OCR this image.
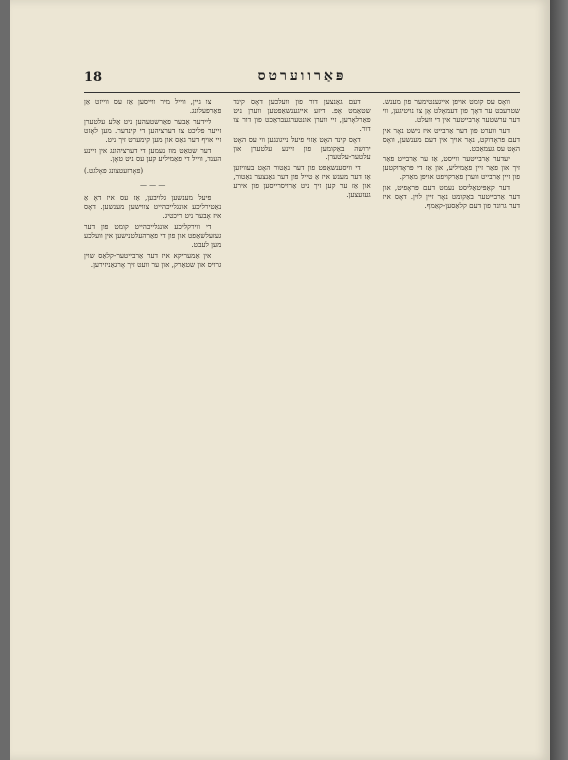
18	פּאַרווערטס

וואָס עס קומט אויפן אייגענטימער פון מענש. שטרעבט ער דאָך פון דעמאָלט אָן צו נויטיגען, ווי דער ערשטער אָרבייטער אין די וועלט.

דער ווערט פון דער אַרבייט איז נישט נאָר אין דעם פּראָדוקט, נאָר אויך אין דעם מענשען, וואָס האָט עס געמאַכט.

יעדער אַרבייטער ווייסט, אַז ער אַרבייט פאַר זיך און פאַר זיין פאַמיליע, און אַז די פּראָדוקטען פון זיין אַרבייט ווערן פאַרקויפט אויפן מאַרק.

דער קאַפּיטאַליסט נעמט דעם פּראָפיט, און דער אַרבייטער באַקומט נאָר זיין לוין. דאָס איז דער גרונד פון דעם קלאַסען-קאַמף.

דעם גאַנצען דור פון וועלכען דאָס קינד שטאַמט אָפּ. דיזע אייגענשאַפטען ווערן ניט פאַרלאָרען, זיי ווערן אונטערגעבראַכט פון דור צו דור.

דאָס קינד האָט אַזוי פיעל נייגונגען ווי עס האָט ירושה באַקומען פון זיינע עלטערן און עלטער-עלטערן.

די וויסענשאַפט פון דער נאַטור האָט בעוויזען אַז דער מענש איז אַ טייל פון דער גאַנצער נאַטור, און אַז ער קען זיך ניט אַרויסרייסען פון אירע געזעצען.

צו גיין, ווייל מיר ווייסען אַז עס ווייזט אַן פאַרפעלונג.

ליידער אַבער פאַרשטעהען ניט אַלע עלטערן זייער פליכט צו דערציהען די קינדער. מען לאָזט זיי אויף דער גאַס און מען קימערט זיך ניט.

דער שטאַט מוז נעמען די דערציהונג אין זיינע הענד, ווייל די פאַמיליע קען עס ניט טאָן.

(פאָרזעטצונג פאָלגט.)
— — —

פיעל מענשען גלויבען, אַז עס איז דאָ אַ נאַטירליכע אונגלייכהייט צווישען מענשען. דאָס איז אָבער ניט ריכטיג.

די ווירקליכע אונגלייכהייט קומט פון דער געזעלשאַפט און פון די פאַרהעלטנישען אין וועלכע מען לעבט.

אין אַמעריקא איז דער אַרבייטער-קלאַס שוין גרויס און שטאַרק, און ער וועט זיך אָרגאַניזירען.
